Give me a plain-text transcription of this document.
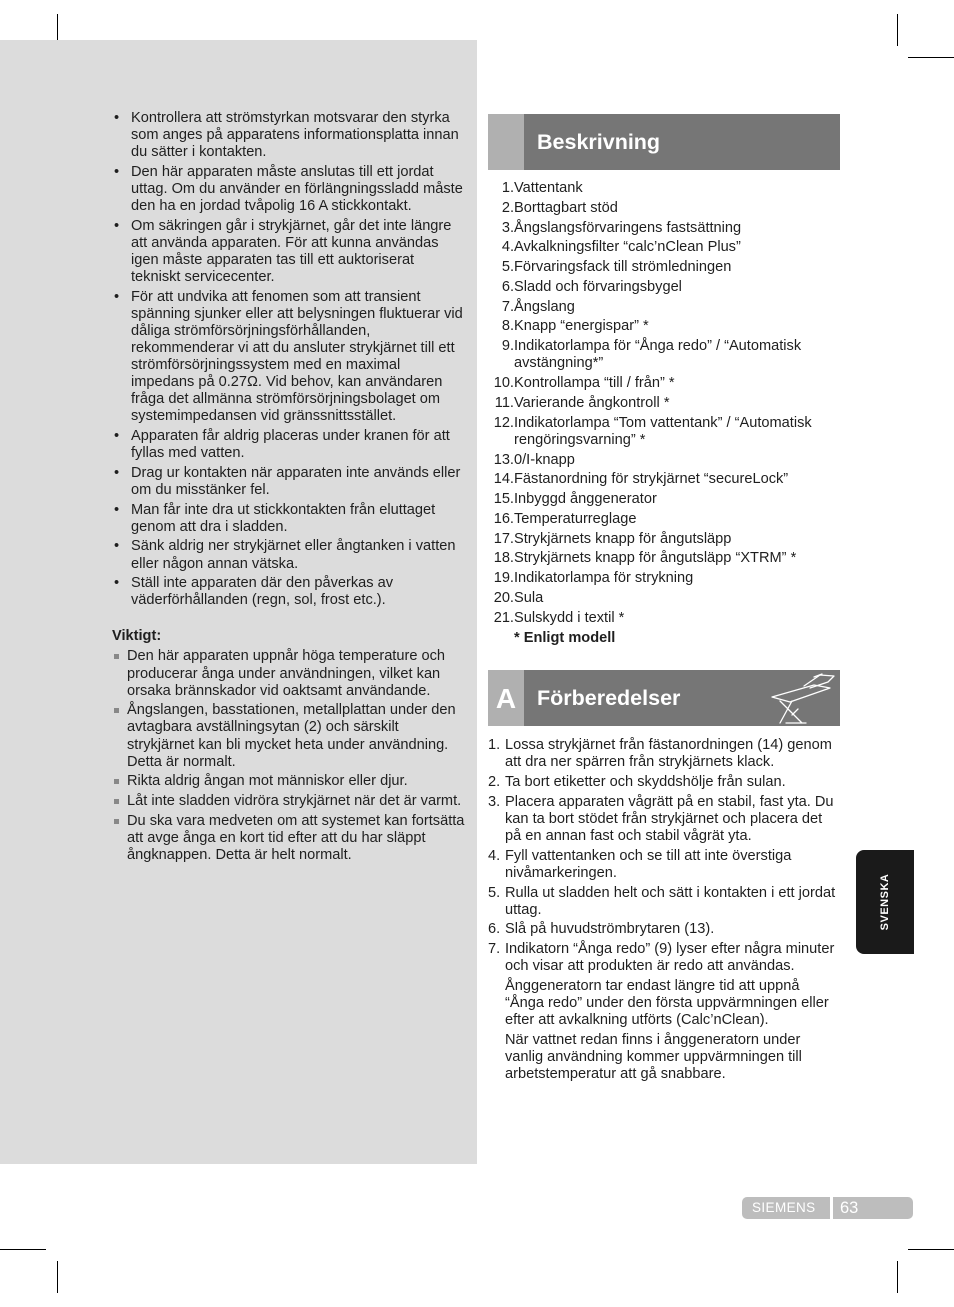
• Kontrollera att strömstyrkan motsvarar den styrka som anges på apparatens informationsplatta innan du sätter i kontakten.
• Den här apparaten måste anslutas till ett jordat uttag. Om du använder en förlängningssladd måste den ha en jordad tvåpolig 16 A stickkontakt.
• Om säkringen går i strykjärnet, går det inte längre att använda apparaten. För att kunna användas igen måste apparaten tas till ett auktoriserat tekniskt servicecenter.
• För att undvika att fenomen som att transient spänning sjunker eller att belysningen fluktuerar vid dåliga strömförsörjningsförhållanden, rekommenderar vi att du ansluter strykjärnet till ett strömförsörjningssystem med en maximal impedans på 0.27Ω. Vid behov, kan användaren fråga det allmänna strömförsörjningsbolaget om systemimpedansen vid gränssnittsstället.
• Apparaten får aldrig placeras under kranen för att fyllas med vatten.
• Drag ur kontakten när apparaten inte används eller om du misstänker fel.
• Man får inte dra ut stickkontakten från eluttaget genom att dra i sladden.
• Sänk aldrig ner strykjärnet eller ångtanken i vatten eller någon annan vätska.
• Ställ inte apparaten där den påverkas av väderförhållanden (regn, sol, frost etc.).
Viktigt:
Den här apparaten uppnår höga temperature och producerar ånga under användningen, vilket kan orsaka brännskador vid oaktsamt användande.
Ångslangen, basstationen, metallplattan under den avtagbara avställningsytan (2) och särskilt strykjärnet kan bli mycket heta under användning. Detta är normalt.
Rikta aldrig ångan mot människor eller djur.
Låt inte sladden vidröra strykjärnet när det är varmt.
Du ska vara medveten om att systemet kan fortsätta att avge ånga en kort tid efter att du har släppt ångknappen. Detta är helt normalt.
Beskrivning
1. Vattentank
2. Borttagbart stöd
3. Ångslangsförvaringens fastsättning
4. Avkalkningsfilter “calc’nClean Plus”
5. Förvaringsfack till strömledningen
6. Sladd och förvaringsbygel
7. Ångslang
8. Knapp “energispar” *
9. Indikatorlampa för “Ånga redo” / “Automatisk avstängning*”
10. Kontrollampa “till / från” *
11. Varierande ångkontroll *
12. Indikatorlampa “Tom vattentank” / “Automatisk rengöringsvarning” *
13. 0/I-knapp
14. Fästanordning för strykjärnet “secureLock”
15. Inbyggd ånggenerator
16. Temperaturreglage
17. Strykjärnets knapp för ångutsläpp
18. Strykjärnets knapp för ångutsläpp “XTRM” *
19. Indikatorlampa för strykning
20. Sula
21. Sulskydd i textil *
* Enligt modell
A Förberedelser
1. Lossa strykjärnet från fästanordningen (14) genom att dra ner spärren från strykjärnets klack.
2. Ta bort etiketter och skyddshölje från sulan.
3. Placera apparaten vågrätt på en stabil, fast yta. Du kan ta bort stödet från strykjärnet och placera det på en annan fast och stabil vågrät yta.
4. Fyll vattentanken och se till att inte överstiga nivåmarkeringen.
5. Rulla ut sladden helt och sätt i kontakten i ett jordat uttag.
6. Slå på huvudströmbrytaren (13).
7. Indikatorn “Ånga redo” (9) lyser efter några minuter och visar att produkten är redo att användas.
Ånggeneratorn tar endast längre tid att uppnå “Ånga redo” under den första uppvärmningen eller efter att avkalkning utförts (Calc’nClean).
När vattnet redan finns i ånggeneratorn under vanlig användning kommer uppvärmningen till arbetstemperatur att gå snabbare.
SVENSKA
SIEMENS 63
